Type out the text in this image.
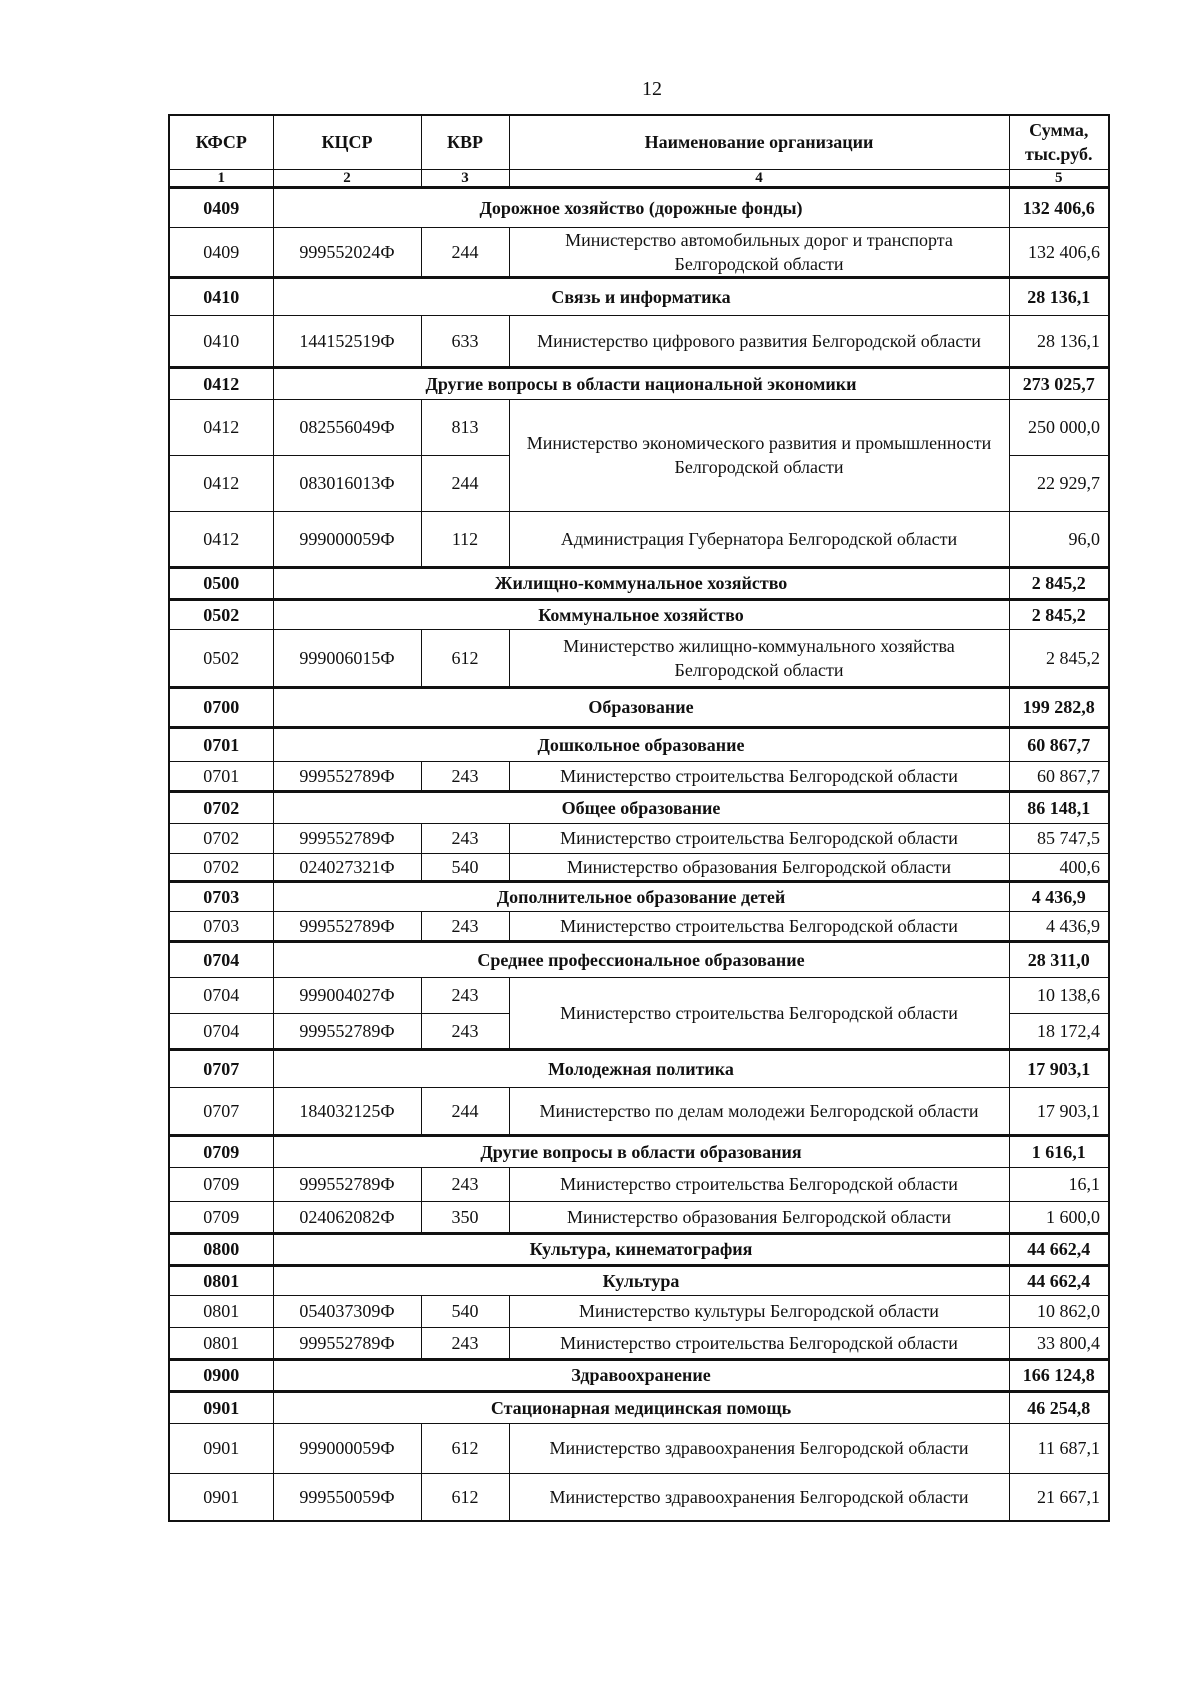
12
КФСР	КЦСР	КВР	Наименование организации	Сумма, тыс.руб.
1	2	3	4	5
0409	Дорожное хозяйство (дорожные фонды)			132 406,6
0409	999552024Ф	244	Министерство автомобильных дорог и транспорта Белгородской области	132 406,6
0410	Связь и информатика			28 136,1
0410	144152519Ф	633	Министерство цифрового развития Белгородской области	28 136,1
0412	Другие вопросы в области национальной экономики			273 025,7
0412	082556049Ф	813	Министерство экономического развития и промышленности Белгородской области	250 000,0
0412	083016013Ф	244		22 929,7
0412	999000059Ф	112	Администрация Губернатора Белгородской области	96,0
0500	Жилищно-коммунальное хозяйство			2 845,2
0502	Коммунальное хозяйство			2 845,2
0502	999006015Ф	612	Министерство жилищно-коммунального хозяйства Белгородской области	2 845,2
0700	Образование			199 282,8
0701	Дошкольное образование			60 867,7
0701	999552789Ф	243	Министерство строительства Белгородской области	60 867,7
0702	Общее образование			86 148,1
0702	999552789Ф	243	Министерство строительства Белгородской области	85 747,5
0702	024027321Ф	540	Министерство образования Белгородской области	400,6
0703	Дополнительное образование детей			4 436,9
0703	999552789Ф	243	Министерство строительства Белгородской области	4 436,9
0704	Среднее профессиональное образование			28 311,0
0704	999004027Ф	243	Министерство строительства Белгородской области	10 138,6
0704	999552789Ф	243		18 172,4
0707	Молодежная политика			17 903,1
0707	184032125Ф	244	Министерство по делам молодежи Белгородской области	17 903,1
0709	Другие вопросы в области образования			1 616,1
0709	999552789Ф	243	Министерство строительства Белгородской области	16,1
0709	024062082Ф	350	Министерство образования Белгородской области	1 600,0
0800	Культура, кинематография			44 662,4
0801	Культура			44 662,4
0801	054037309Ф	540	Министерство культуры Белгородской области	10 862,0
0801	999552789Ф	243	Министерство строительства Белгородской области	33 800,4
0900	Здравоохранение			166 124,8
0901	Стационарная медицинская помощь			46 254,8
0901	999000059Ф	612	Министерство здравоохранения Белгородской области	11 687,1
0901	999550059Ф	612	Министерство здравоохранения Белгородской области	21 667,1
